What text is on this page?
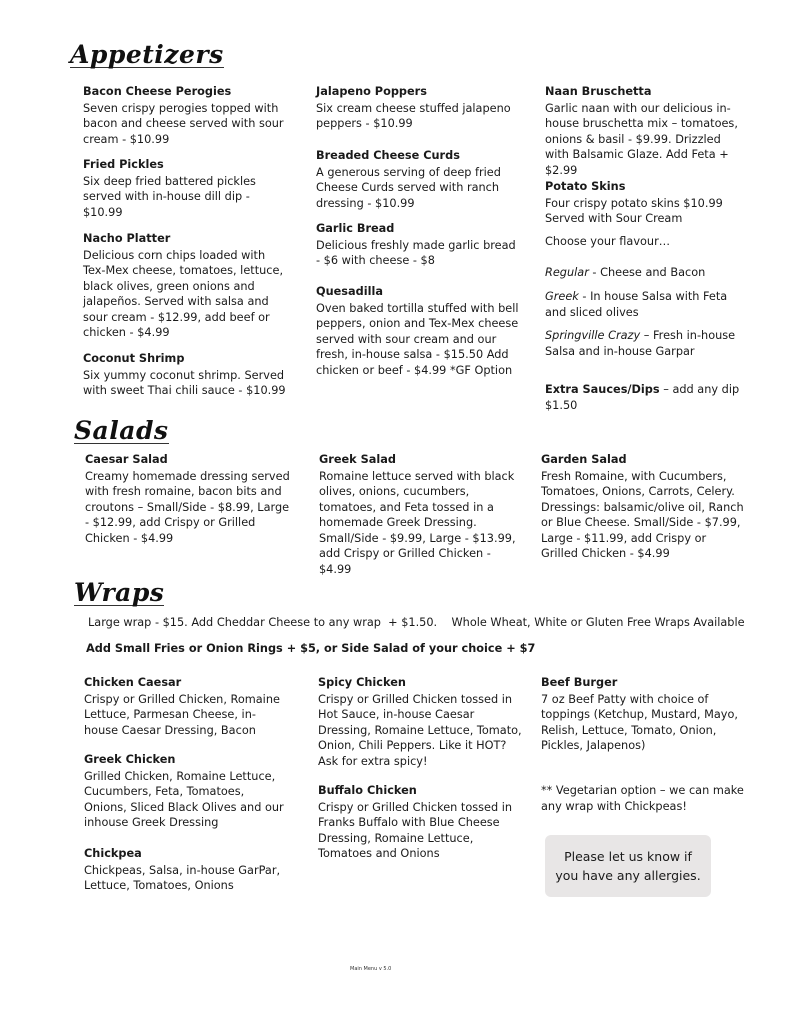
Appetizers
Bacon Cheese Perogies
Seven crispy perogies topped with bacon and cheese served with sour cream - $10.99
Fried Pickles
Six deep fried battered pickles served with in-house dill dip - $10.99
Nacho Platter
Delicious corn chips loaded with Tex-Mex cheese, tomatoes, lettuce, black olives, green onions and jalapeños. Served with salsa and sour cream - $12.99, add beef or chicken - $4.99
Coconut Shrimp
Six yummy coconut shrimp. Served with sweet Thai chili sauce - $10.99
Jalapeno Poppers
Six cream cheese stuffed jalapeno peppers - $10.99
Breaded Cheese Curds
A generous serving of deep fried Cheese Curds served with ranch dressing - $10.99
Garlic Bread
Delicious freshly made garlic bread - $6 with cheese - $8
Quesadilla
Oven baked tortilla stuffed with bell peppers, onion and Tex-Mex cheese served with sour cream and our fresh, in-house salsa - $15.50 Add chicken or beef - $4.99 *GF Option
Naan Bruschetta
Garlic naan with our delicious in-house bruschetta mix – tomatoes, onions & basil - $9.99. Drizzled with Balsamic Glaze. Add Feta + $2.99
Potato Skins
Four crispy potato skins $10.99 Served with Sour Cream
Choose your flavour…
Regular - Cheese and Bacon
Greek - In house Salsa with Feta and sliced olives
Springville Crazy – Fresh in-house Salsa and in-house Garpar
Extra Sauces/Dips – add any dip $1.50
Salads
Caesar Salad
Creamy homemade dressing served with fresh romaine, bacon bits and croutons – Small/Side - $8.99, Large - $12.99, add Crispy or Grilled Chicken - $4.99
Greek Salad
Romaine lettuce served with black olives, onions, cucumbers, tomatoes, and Feta tossed in a homemade Greek Dressing. Small/Side - $9.99, Large - $13.99, add Crispy or Grilled Chicken - $4.99
Garden Salad
Fresh Romaine, with Cucumbers, Tomatoes, Onions, Carrots, Celery. Dressings: balsamic/olive oil, Ranch or Blue Cheese. Small/Side - $7.99, Large - $11.99, add Crispy or Grilled Chicken - $4.99
Wraps
Large wrap - $15. Add Cheddar Cheese to any wrap  + $1.50.    Whole Wheat, White or Gluten Free Wraps Available
Add Small Fries or Onion Rings + $5, or Side Salad of your choice + $7
Chicken Caesar
Crispy or Grilled Chicken, Romaine Lettuce, Parmesan Cheese, in-house Caesar Dressing, Bacon
Greek Chicken
Grilled Chicken, Romaine Lettuce, Cucumbers, Feta, Tomatoes, Onions, Sliced Black Olives and our inhouse Greek Dressing
Chickpea
Chickpeas, Salsa, in-house GarPar, Lettuce, Tomatoes, Onions
Spicy Chicken
Crispy or Grilled Chicken tossed in Hot Sauce, in-house Caesar Dressing, Romaine Lettuce, Tomato, Onion, Chili Peppers. Like it HOT? Ask for extra spicy!
Buffalo Chicken
Crispy or Grilled Chicken tossed in Franks Buffalo with Blue Cheese Dressing, Romaine Lettuce, Tomatoes and Onions
Beef Burger
7 oz Beef Patty with choice of toppings (Ketchup, Mustard, Mayo, Relish, Lettuce, Tomato, Onion, Pickles, Jalapenos)
** Vegetarian option – we can make any wrap with Chickpeas!
Please let us know if
you have any allergies.
Main Menu v 5.0
